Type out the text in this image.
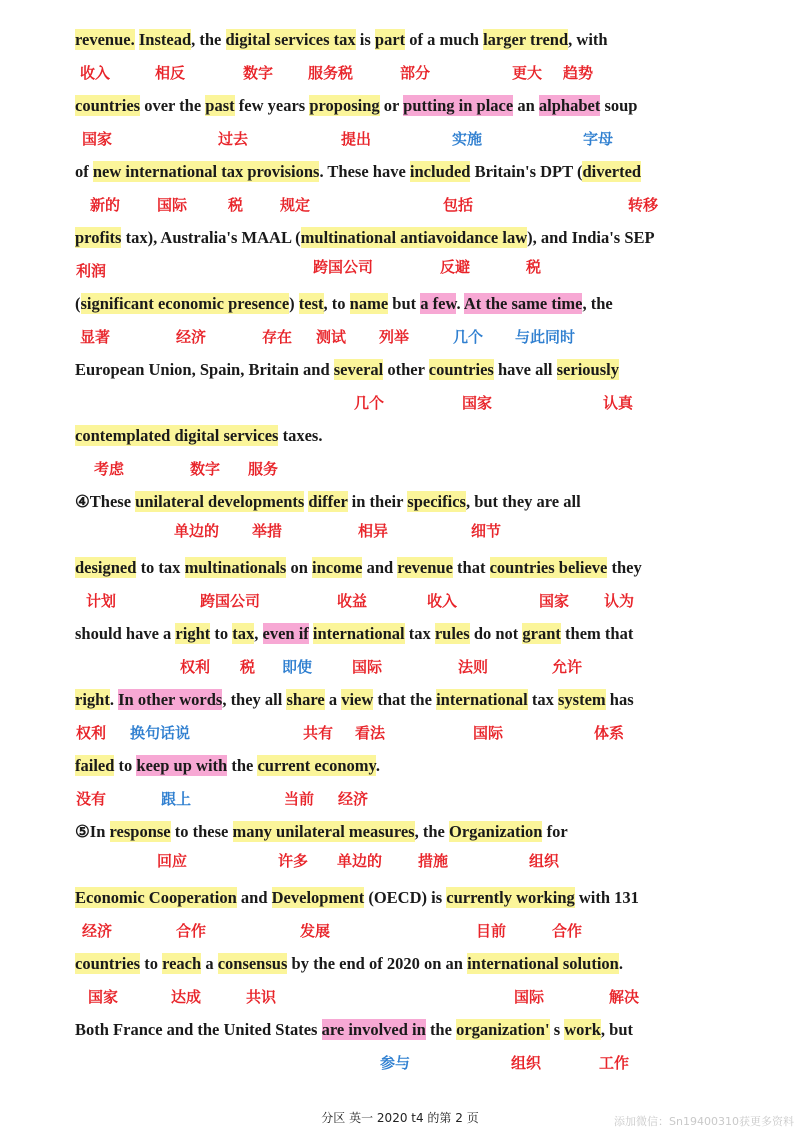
revenue. Instead, the digital services tax is part of a much larger trend, with
收入	相反	数字 服务税	部分	更大 趋势
countries over the past few years proposing or putting in place an alphabet soup
国家	过去	提出	实施	字母
of new international tax provisions. These have included Britain's DPT (diverted
新的 国际	税 规定	包括	转移
profits tax), Australia's MAAL (multinational antiavoidance law), and India's SEP
利润	跨国公司	反避	税
(significant economic presence) test, to name but a few. At the same time, the
显著	经济	存在 测试 列举	几个 与此同时
European Union, Spain, Britain and several other countries have all seriously
几个	国家	认真
contemplated digital services taxes.
考虑	数字 服务
④These unilateral developments differ in their specifics, but they are all
单边的 举措	相异	细节
designed to tax multinationals on income and revenue that countries believe they
计划	跨国公司	收益	收入	国家 认为
should have a right to tax, even if international tax rules do not grant them that
权利 税 即使	国际	法则	允许
right. In other words, they all share a view that the international tax system has
权利 换句话说	共有 看法	国际	体系
failed to keep up with the current economy.
没有	跟上	当前 经济
⑤In response to these many unilateral measures, the Organization for
回应	许多 单边的 措施	组织
Economic Cooperation and Development (OECD) is currently working with 131
经济	合作	发展	目前	合作
countries to reach a consensus by the end of 2020 on an international solution.
国家	达成	共识	国际	解决
Both France and the United States are involved in the organization' s work, but
参与	组织	工作
分区 英一 2020 t4 的第 2 页	添加微信：Sn19400310获更多资料
